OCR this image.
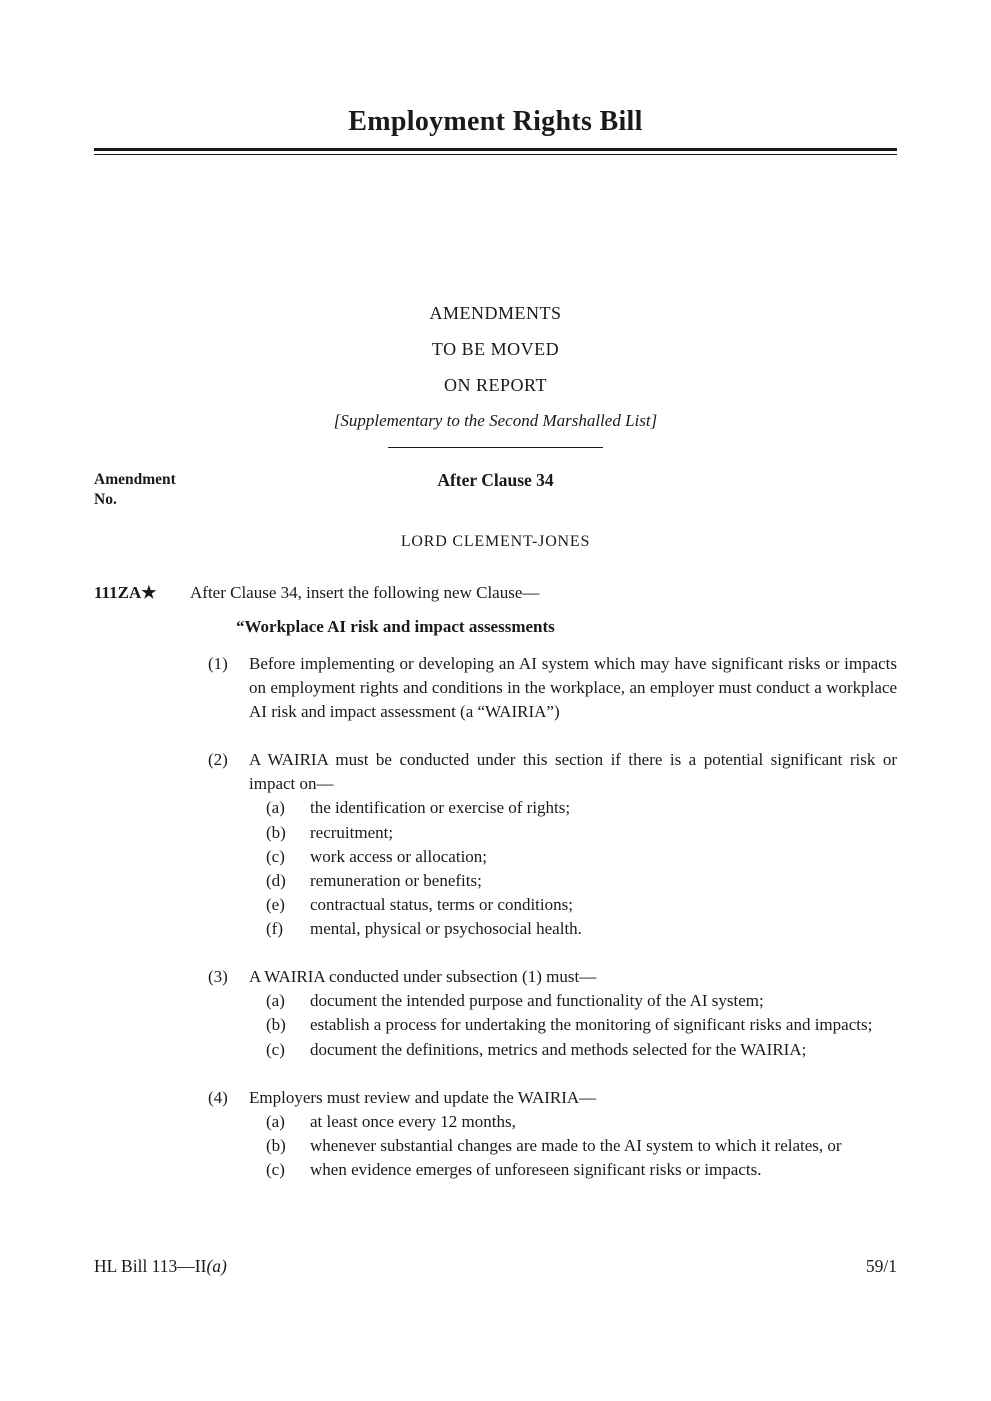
Employment Rights Bill
AMENDMENTS
TO BE MOVED
ON REPORT
[Supplementary to the Second Marshalled List]
Amendment
No.
After Clause 34
LORD CLEMENT-JONES
111ZA★	After Clause 34, insert the following new Clause—
“Workplace AI risk and impact assessments
(1)	Before implementing or developing an AI system which may have significant risks or impacts on employment rights and conditions in the workplace, an employer must conduct a workplace AI risk and impact assessment (a “WAIRIA”)
(2)	A WAIRIA must be conducted under this section if there is a potential significant risk or impact on—
(a)	the identification or exercise of rights;
(b)	recruitment;
(c)	work access or allocation;
(d)	remuneration or benefits;
(e)	contractual status, terms or conditions;
(f)	mental, physical or psychosocial health.
(3)	A WAIRIA conducted under subsection (1) must—
(a)	document the intended purpose and functionality of the AI system;
(b)	establish a process for undertaking the monitoring of significant risks and impacts;
(c)	document the definitions, metrics and methods selected for the WAIRIA;
(4)	Employers must review and update the WAIRIA—
(a)	at least once every 12 months,
(b)	whenever substantial changes are made to the AI system to which it relates, or
(c)	when evidence emerges of unforeseen significant risks or impacts.
HL Bill 113—II(a)	59/1
